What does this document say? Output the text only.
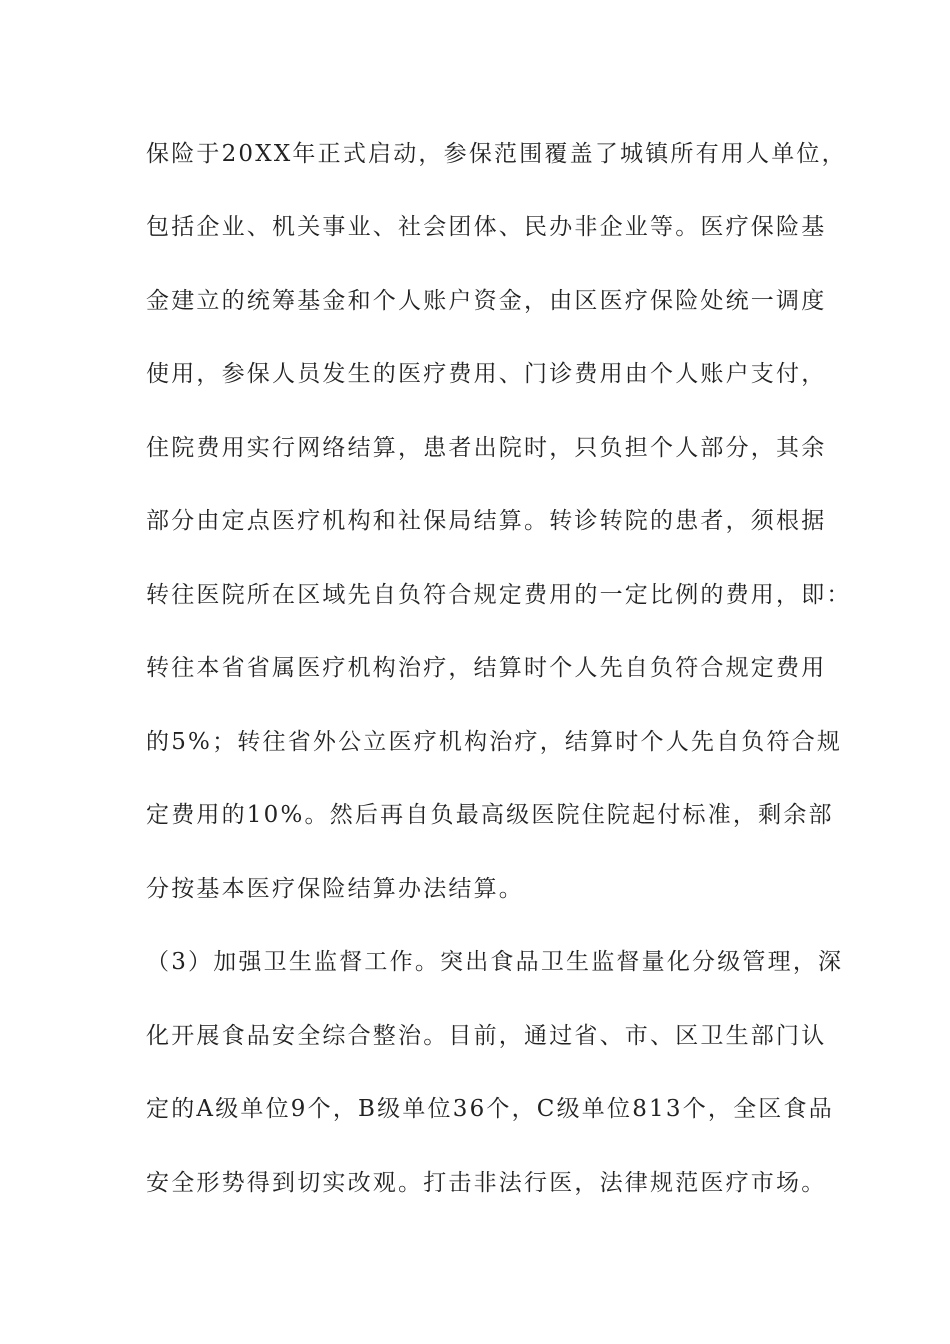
保险于20XX年正式启动，参保范围覆盖了城镇所有用人单位，
包括企业、机关事业、社会团体、民办非企业等。医疗保险基
金建立的统筹基金和个人账户资金，由区医疗保险处统一调度
使用，参保人员发生的医疗费用、门诊费用由个人账户支付，
住院费用实行网络结算，患者出院时，只负担个人部分，其余
部分由定点医疗机构和社保局结算。转诊转院的患者，须根据
转往医院所在区域先自负符合规定费用的一定比例的费用，即：
转往本省省属医疗机构治疗，结算时个人先自负符合规定费用
的5%；转往省外公立医疗机构治疗，结算时个人先自负符合规
定费用的10%。然后再自负最高级医院住院起付标准，剩余部
分按基本医疗保险结算办法结算。
（3）加强卫生监督工作。突出食品卫生监督量化分级管理，深
化开展食品安全综合整治。目前，通过省、市、区卫生部门认
定的A级单位9个，B级单位36个，C级单位813个，全区食品
安全形势得到切实改观。打击非法行医，法律规范医疗市场。
